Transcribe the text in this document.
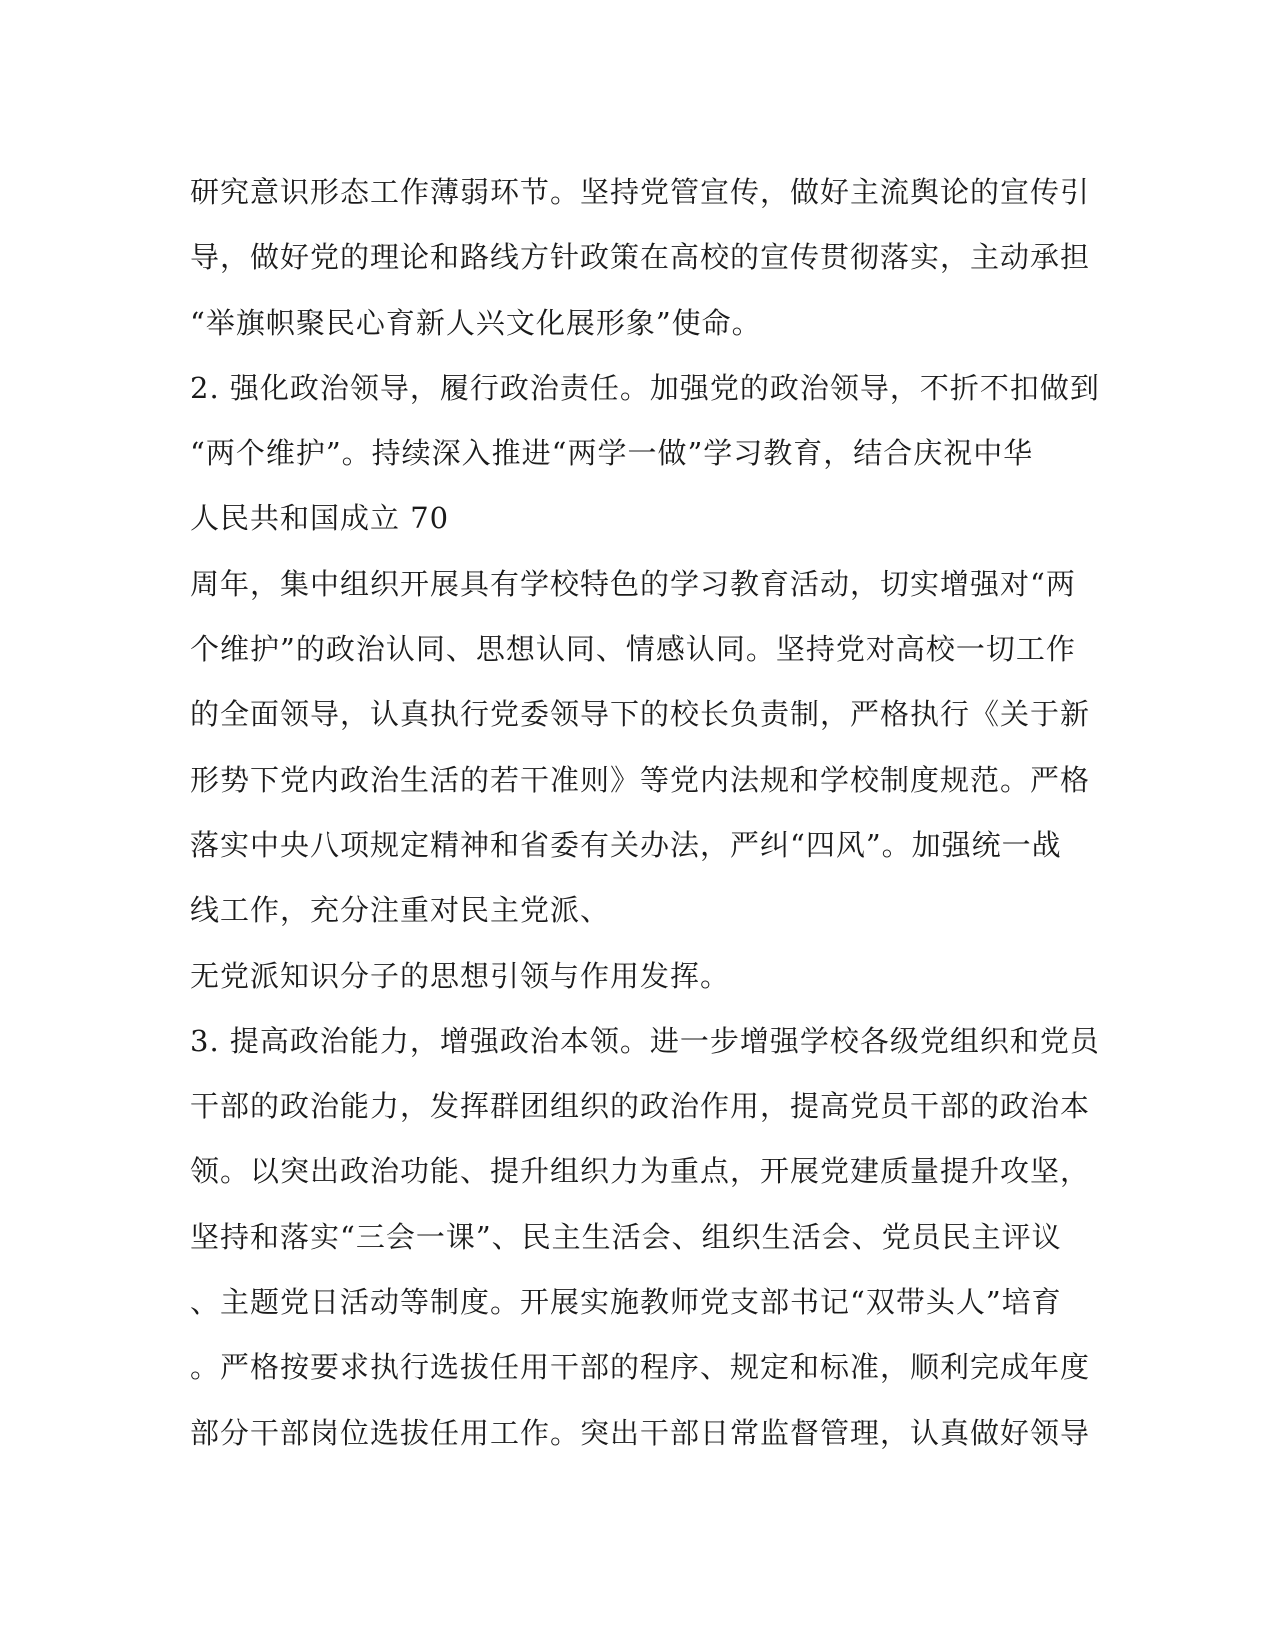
研究意识形态工作薄弱环节。坚持党管宣传，做好主流舆论的宣传引
导，做好党的理论和路线方针政策在高校的宣传贯彻落实，主动承担
“举旗帜聚民心育新人兴文化展形象”使命。
2. 强化政治领导，履行政治责任。加强党的政治领导，不折不扣做到
“两个维护”。持续深入推进“两学一做”学习教育，结合庆祝中华
人民共和国成立 70
周年，集中组织开展具有学校特色的学习教育活动，切实增强对“两
个维护”的政治认同、思想认同、情感认同。坚持党对高校一切工作
的全面领导，认真执行党委领导下的校长负责制，严格执行《关于新
形势下党内政治生活的若干准则》等党内法规和学校制度规范。严格
落实中央八项规定精神和省委有关办法，严纠“四风”。加强统一战
线工作，充分注重对民主党派、
无党派知识分子的思想引领与作用发挥。
3. 提高政治能力，增强政治本领。进一步增强学校各级党组织和党员
干部的政治能力，发挥群团组织的政治作用，提高党员干部的政治本
领。以突出政治功能、提升组织力为重点，开展党建质量提升攻坚，
坚持和落实“三会一课”、民主生活会、组织生活会、党员民主评议
、主题党日活动等制度。开展实施教师党支部书记“双带头人”培育
。严格按要求执行选拔任用干部的程序、规定和标准，顺利完成年度
部分干部岗位选拔任用工作。突出干部日常监督管理，认真做好领导
